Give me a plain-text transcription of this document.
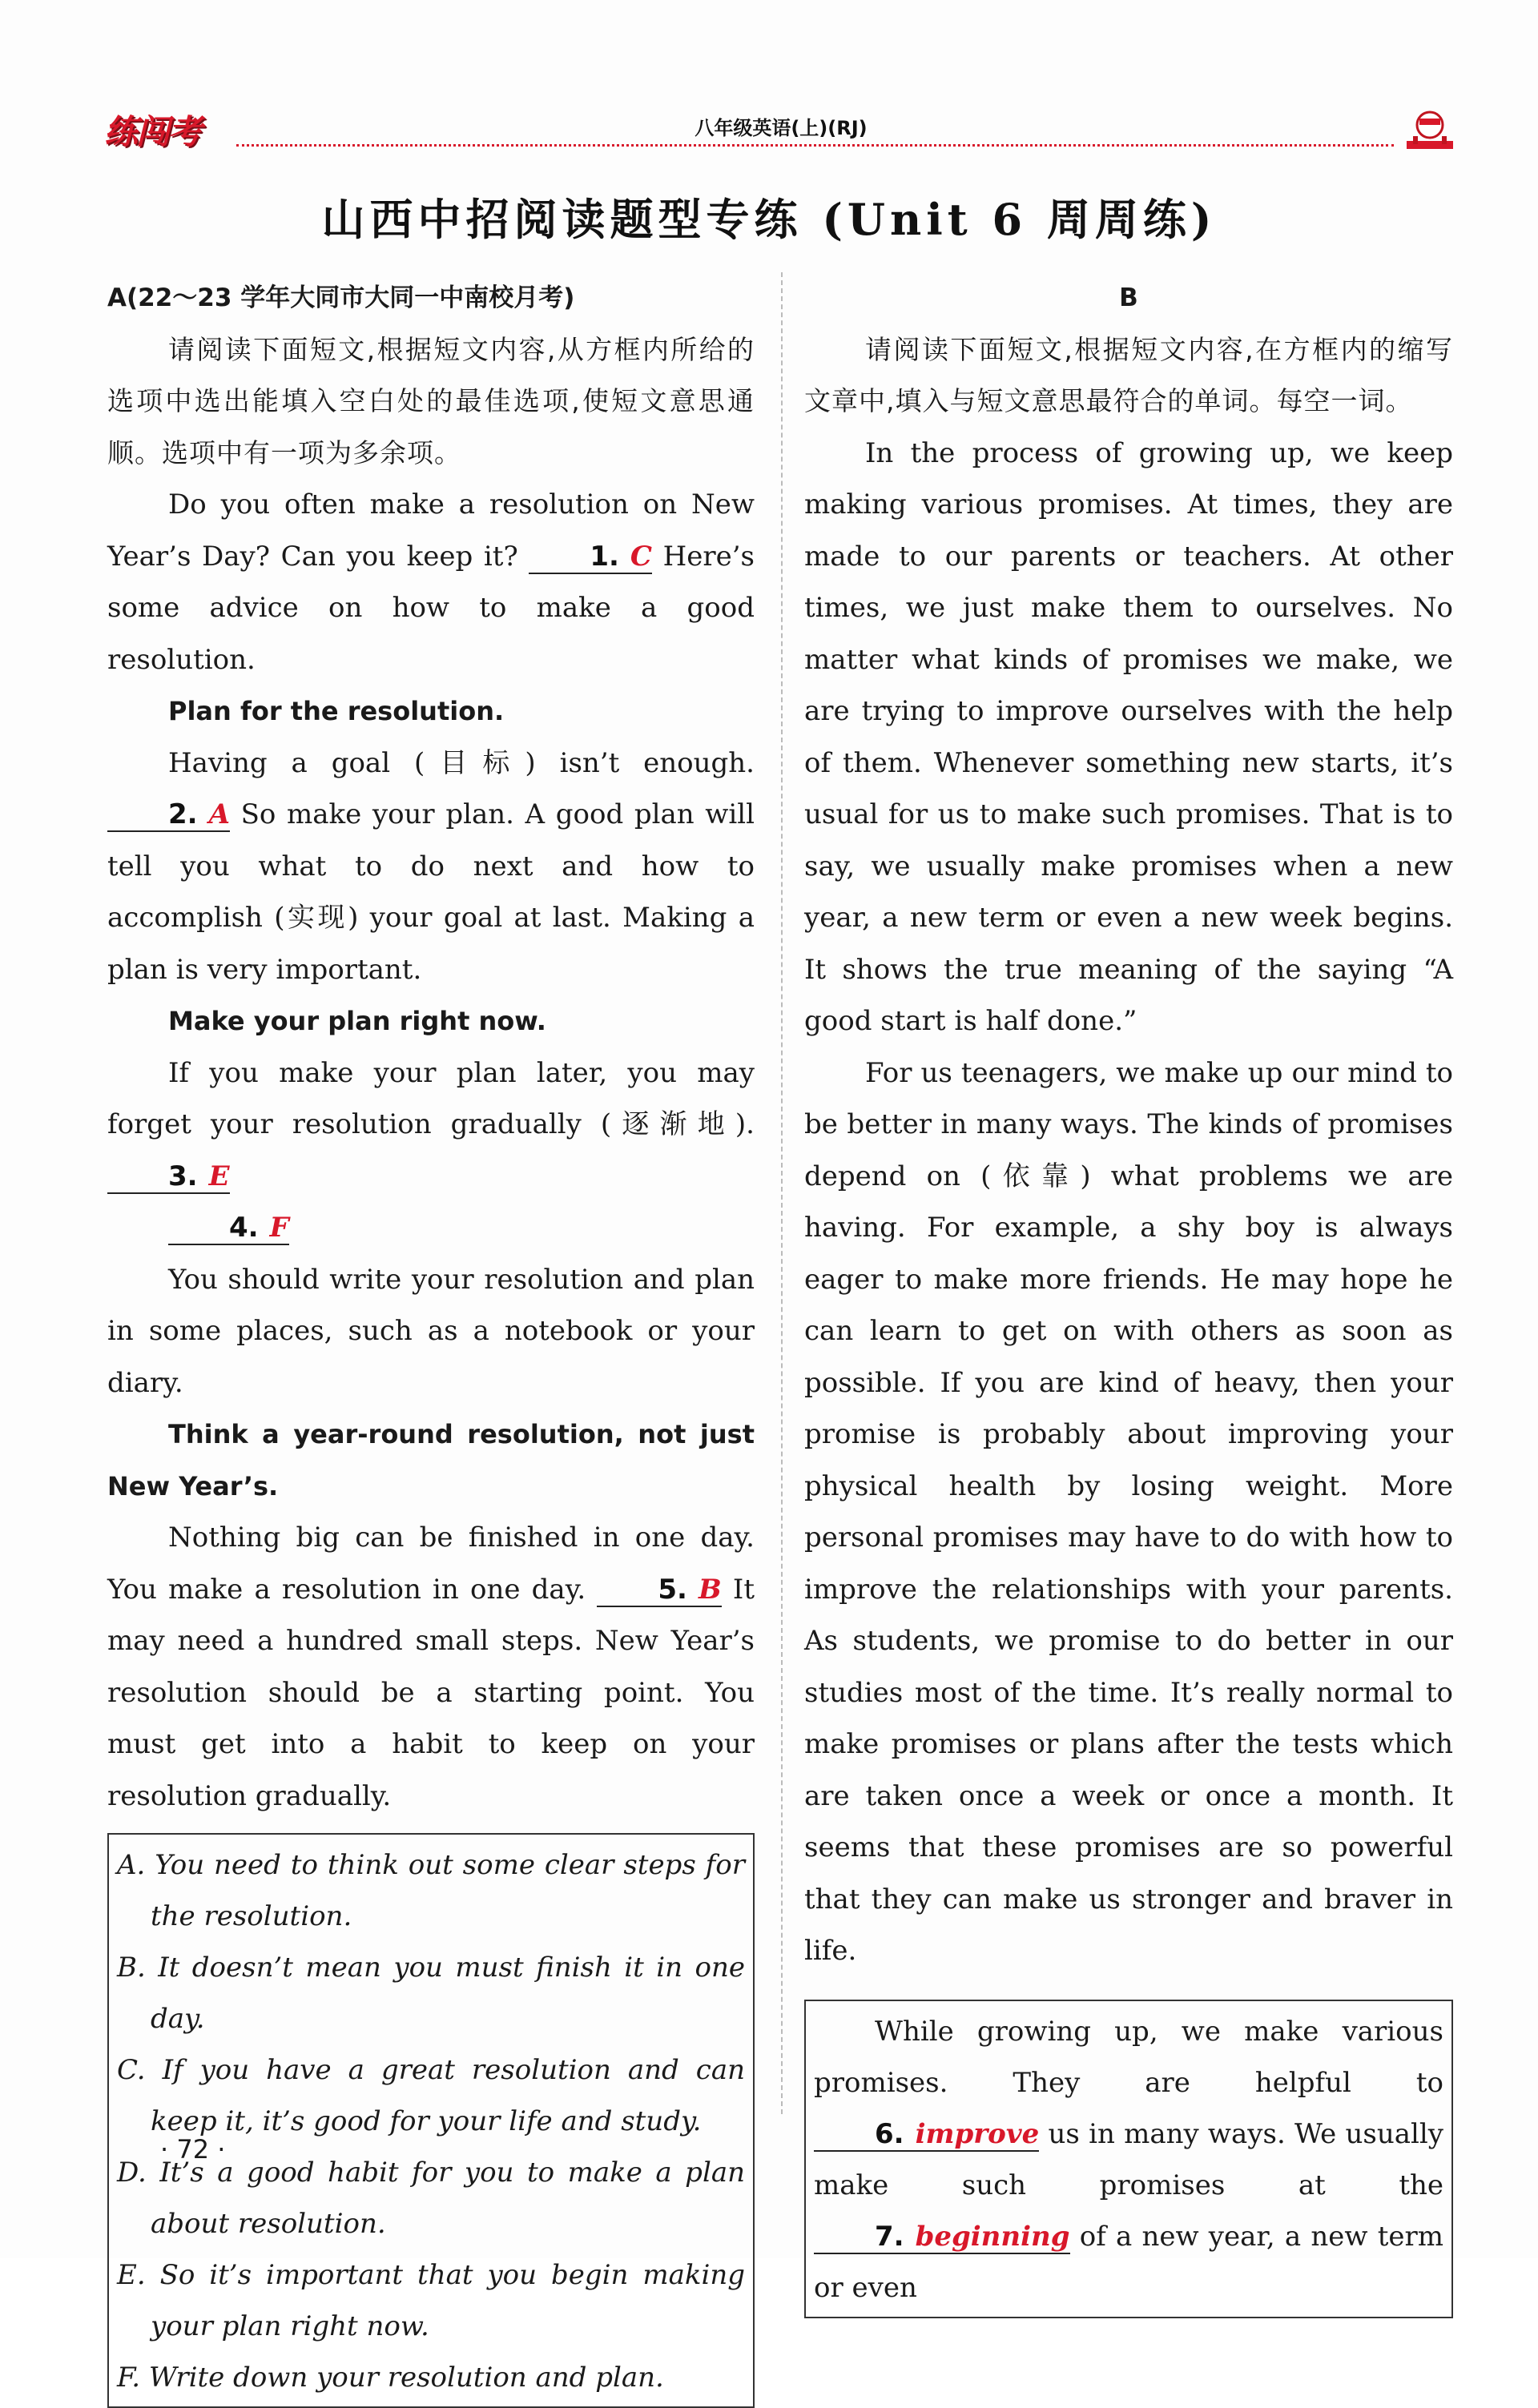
练闯考	八年级英语(上)(RJ)
山西中招阅读题型专练 (Unit 6 周周练)

A(22～23 学年大同市大同一中南校月考)

请阅读下面短文,根据短文内容,从方框内所给的选项中选出能填入空白处的最佳选项,使短文意思通顺。选项中有一项为多余项。

Do you often make a resolution on New Year’s Day? Can you keep it?	1. C Here’s some advice on how to make a good resolution.

Plan for the resolution.

Having a goal (目标) isn’t enough. 2. A So make your plan. A good plan will tell you what to do next and how to accomplish (实现) your goal at last. Making a plan is very important.

Make your plan right now.

If you make your plan later, you may forget your resolution gradually (逐渐地). 3. E

4. F

You should write your resolution and plan in some places, such as a notebook or your diary.

Think a year-round resolution, not just New Year’s.

Nothing big can be finished in one day. You make a resolution in one day.	5. B It may need a hundred small steps. New Year’s resolution should be a starting point. You must get into a habit to keep on your resolution gradually.

A. You need to think out some clear steps for the resolution.
B. It doesn’t mean you must finish it in one day.
C. If you have a great resolution and can keep it, it’s good for your life and study.
D. It’s a good habit for you to make a plan about resolution.
E. So it’s important that you begin making your plan right now.
F. Write down your resolution and plan.

B

请阅读下面短文,根据短文内容,在方框内的缩写文章中,填入与短文意思最符合的单词。每空一词。

In the process of growing up, we keep making various promises. At times, they are made to our parents or teachers. At other times, we just make them to ourselves. No matter what kinds of promises we make, we are trying to improve ourselves with the help of them. Whenever something new starts, it’s usual for us to make such promises. That is to say, we usually make promises when a new year, a new term or even a new week begins. It shows the true meaning of the saying “A good start is half done.”

For us teenagers, we make up our mind to be better in many ways. The kinds of promises depend on (依靠) what problems we are having. For example, a shy boy is always eager to make more friends. He may hope he can learn to get on with others as soon as possible. If you are kind of heavy, then your promise is probably about improving your physical health by losing weight. More personal promises may have to do with how to improve the relationships with your parents. As students, we promise to do better in our studies most of the time. It’s really normal to make promises or plans after the tests which are taken once a week or once a month. It seems that these promises are so powerful that they can make us stronger and braver in life.

While growing up, we make various promises. They are helpful to 6. improve us in many ways. We usually make such promises at the 7. beginning of a new year, a new term or even

· 72 ·
